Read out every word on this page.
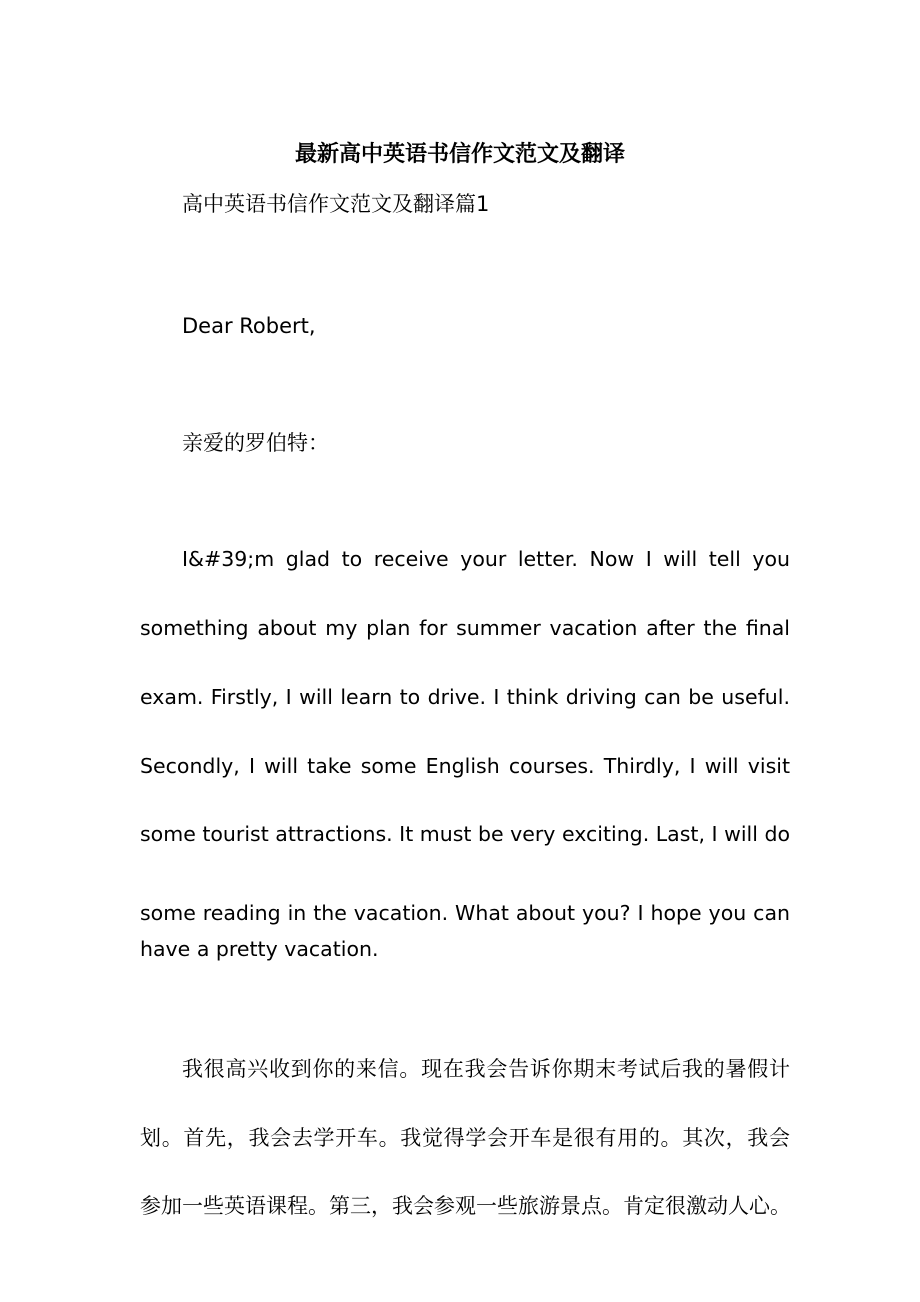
最新高中英语书信作文范文及翻译
高中英语书信作文范文及翻译篇1
Dear Robert,
亲爱的罗伯特：
I&#39;m glad to receive your letter. Now I will tell you
something about my plan for summer vacation after the final
exam. Firstly, I will learn to drive. I think driving can be useful.
Secondly, I will take some English courses. Thirdly, I will visit
some tourist attractions. It must be very exciting. Last, I will do
some reading in the vacation. What about you? I hope you can
have a pretty vacation.
我很高兴收到你的来信。现在我会告诉你期末考试后我的暑假计
划。首先，我会去学开车。我觉得学会开车是很有用的。其次，我会
参加一些英语课程。第三，我会参观一些旅游景点。肯定很激动人心。
